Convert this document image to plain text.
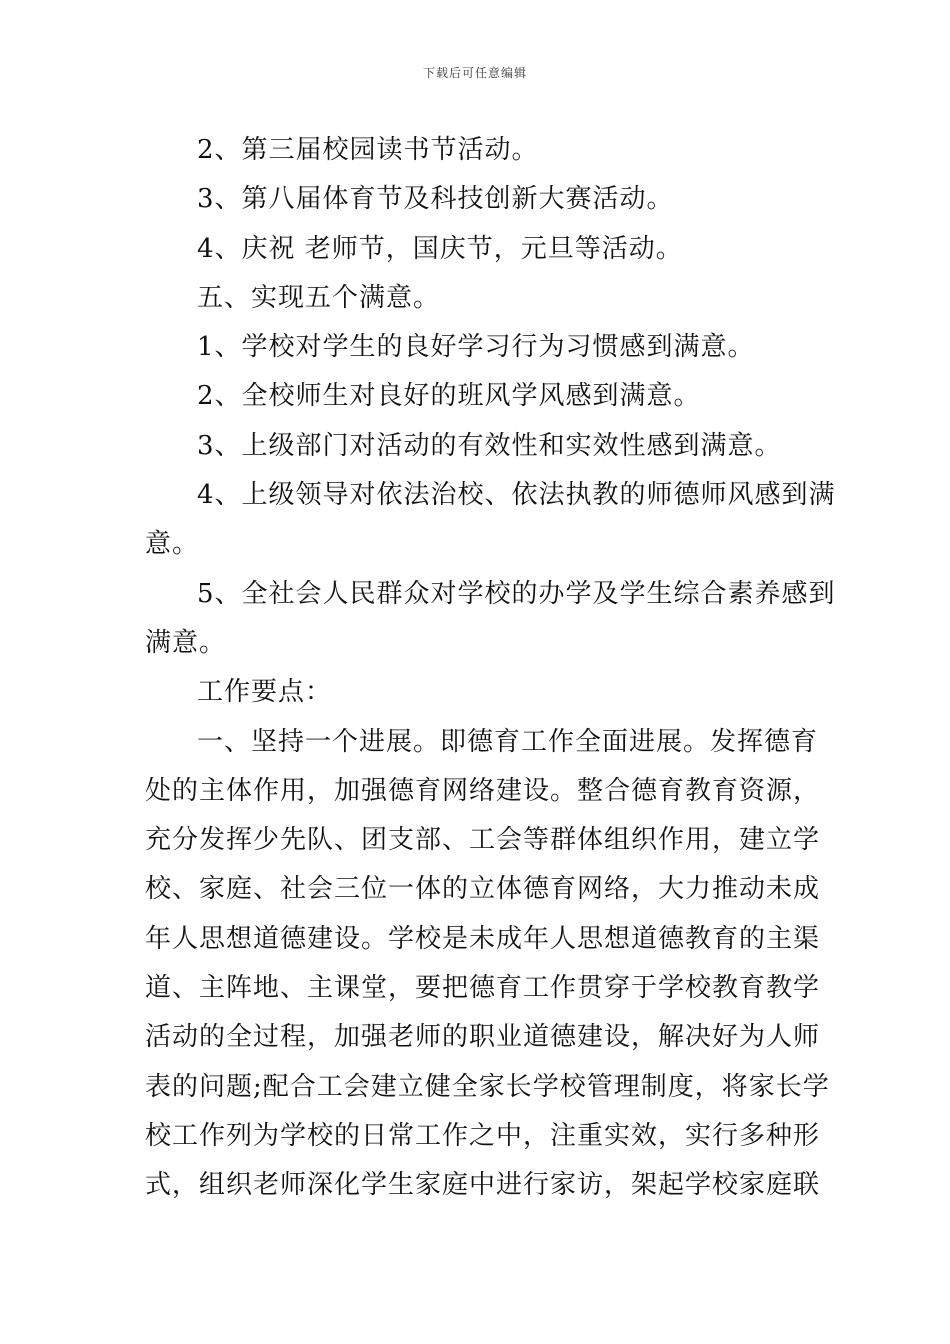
下载后可任意编辑
2、第三届校园读书节活动。
3、第八届体育节及科技创新大赛活动。
4、庆祝 老师节，国庆节，元旦等活动。
五、实现五个满意。
1、学校对学生的良好学习行为习惯感到满意。
2、全校师生对良好的班风学风感到满意。
3、上级部门对活动的有效性和实效性感到满意。
4、上级领导对依法治校、依法执教的师德师风感到满
意。
5、全社会人民群众对学校的办学及学生综合素养感到
满意。
工作要点：
一、坚持一个进展。即德育工作全面进展。发挥德育
处的主体作用，加强德育网络建设。整合德育教育资源，
充分发挥少先队、团支部、工会等群体组织作用，建立学
校、家庭、社会三位一体的立体德育网络，大力推动未成
年人思想道德建设。学校是未成年人思想道德教育的主渠
道、主阵地、主课堂，要把德育工作贯穿于学校教育教学
活动的全过程，加强老师的职业道德建设，解决好为人师
表的问题;配合工会建立健全家长学校管理制度，将家长学
校工作列为学校的日常工作之中，注重实效，实行多种形
式，组织老师深化学生家庭中进行家访，架起学校家庭联
